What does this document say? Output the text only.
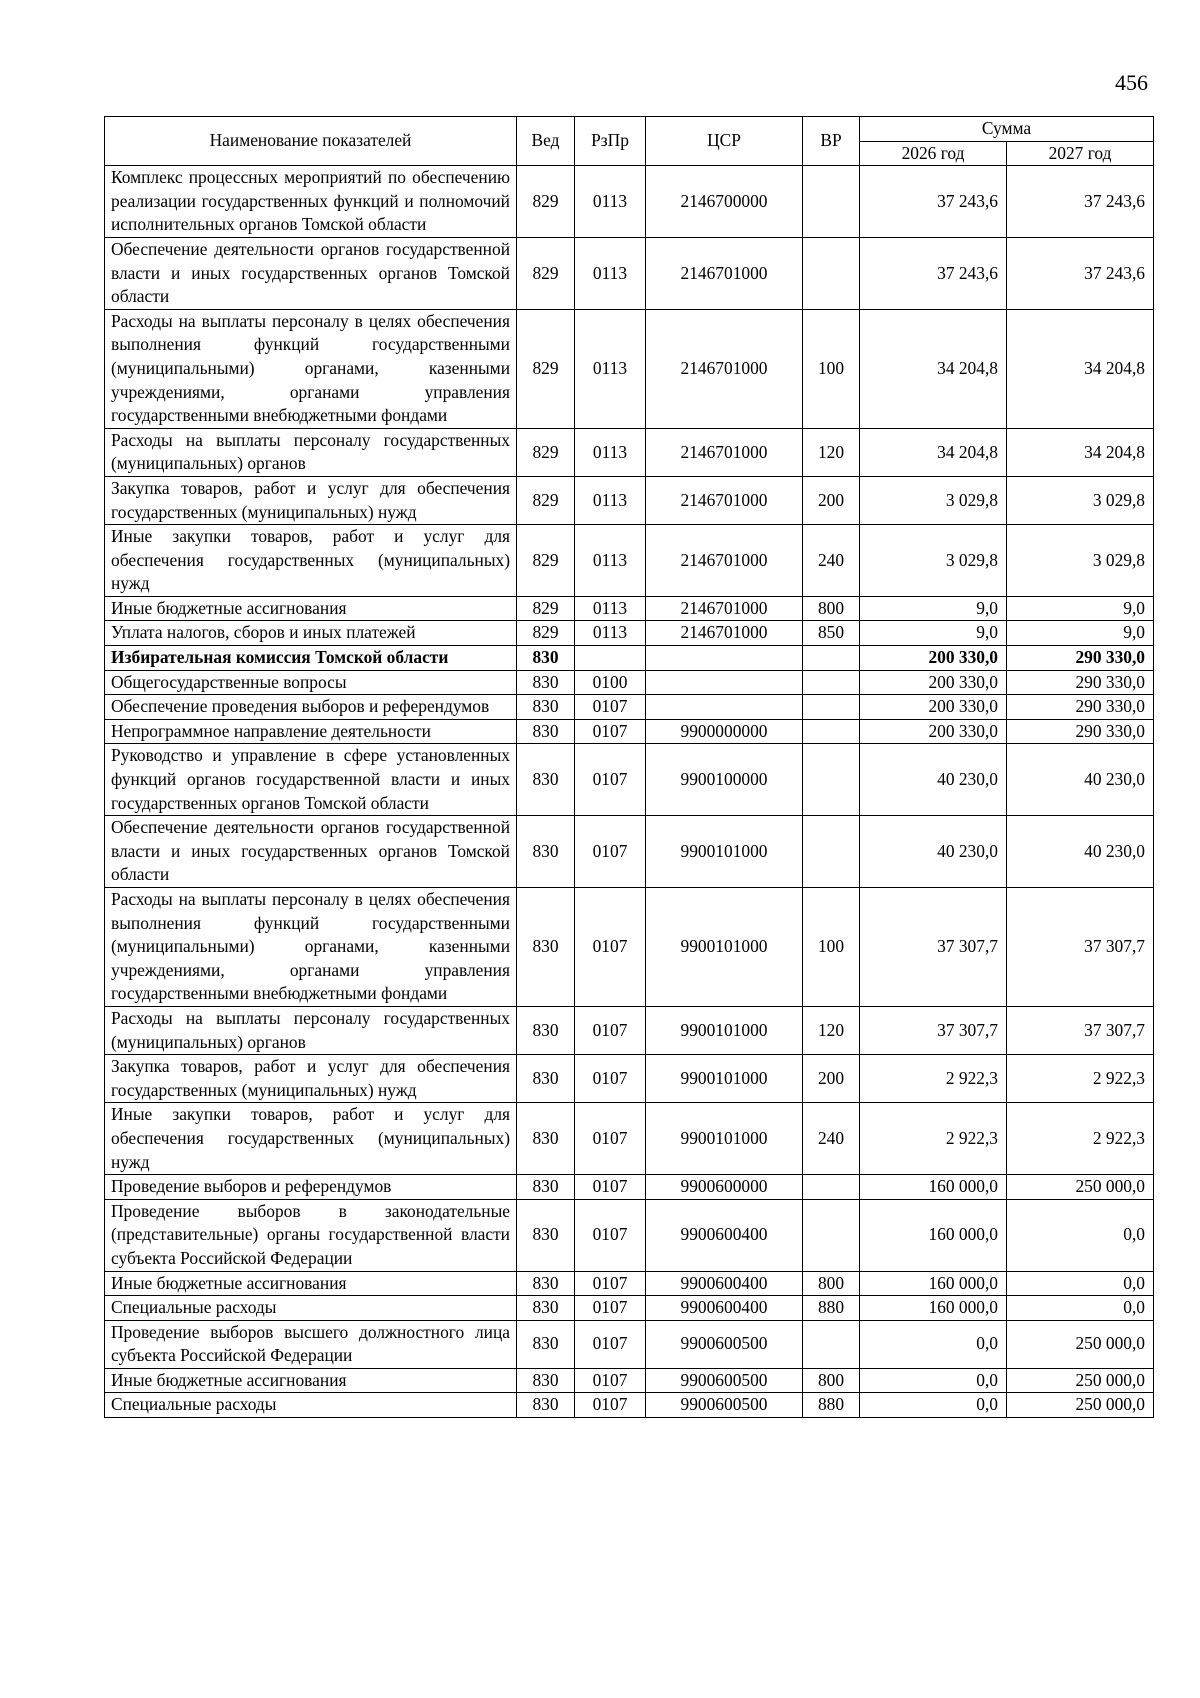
456
Наименование показателей	Вед	РзПр	ЦСР	ВР	Сумма	
					2026 год	2027 год
Комплекс процессных мероприятий по обеспечению реализации государственных функций и полномочий исполнительных органов Томской области	829	0113	2146700000		37 243,6	37 243,6
Обеспечение деятельности органов государственной власти и иных государственных органов Томской области	829	0113	2146701000		37 243,6	37 243,6
Расходы на выплаты персоналу в целях обеспечения выполнения функций государственными (муниципальными) органами, казенными учреждениями, органами управления государственными внебюджетными фондами	829	0113	2146701000	100	34 204,8	34 204,8
Расходы на выплаты персоналу государственных (муниципальных) органов	829	0113	2146701000	120	34 204,8	34 204,8
Закупка товаров, работ и услуг для обеспечения государственных (муниципальных) нужд	829	0113	2146701000	200	3 029,8	3 029,8
Иные закупки товаров, работ и услуг для обеспечения государственных (муниципальных) нужд	829	0113	2146701000	240	3 029,8	3 029,8
Иные бюджетные ассигнования	829	0113	2146701000	800	9,0	9,0
Уплата налогов, сборов и иных платежей	829	0113	2146701000	850	9,0	9,0
Избирательная комиссия Томской области	830				200 330,0	290 330,0
Общегосударственные вопросы	830	0100			200 330,0	290 330,0
Обеспечение проведения выборов и референдумов	830	0107			200 330,0	290 330,0
Непрограммное направление деятельности	830	0107	9900000000		200 330,0	290 330,0
Руководство и управление в сфере установленных функций органов государственной власти и иных государственных органов Томской области	830	0107	9900100000		40 230,0	40 230,0
Обеспечение деятельности органов государственной власти и иных государственных органов Томской области	830	0107	9900101000		40 230,0	40 230,0
Расходы на выплаты персоналу в целях обеспечения выполнения функций государственными (муниципальными) органами, казенными учреждениями, органами управления государственными внебюджетными фондами	830	0107	9900101000	100	37 307,7	37 307,7
Расходы на выплаты персоналу государственных (муниципальных) органов	830	0107	9900101000	120	37 307,7	37 307,7
Закупка товаров, работ и услуг для обеспечения государственных (муниципальных) нужд	830	0107	9900101000	200	2 922,3	2 922,3
Иные закупки товаров, работ и услуг для обеспечения государственных (муниципальных) нужд	830	0107	9900101000	240	2 922,3	2 922,3
Проведение выборов и референдумов	830	0107	9900600000		160 000,0	250 000,0
Проведение выборов в законодательные (представительные) органы государственной власти субъекта Российской Федерации	830	0107	9900600400		160 000,0	0,0
Иные бюджетные ассигнования	830	0107	9900600400	800	160 000,0	0,0
Специальные расходы	830	0107	9900600400	880	160 000,0	0,0
Проведение выборов высшего должностного лица субъекта Российской Федерации	830	0107	9900600500		0,0	250 000,0
Иные бюджетные ассигнования	830	0107	9900600500	800	0,0	250 000,0
Специальные расходы	830	0107	9900600500	880	0,0	250 000,0
